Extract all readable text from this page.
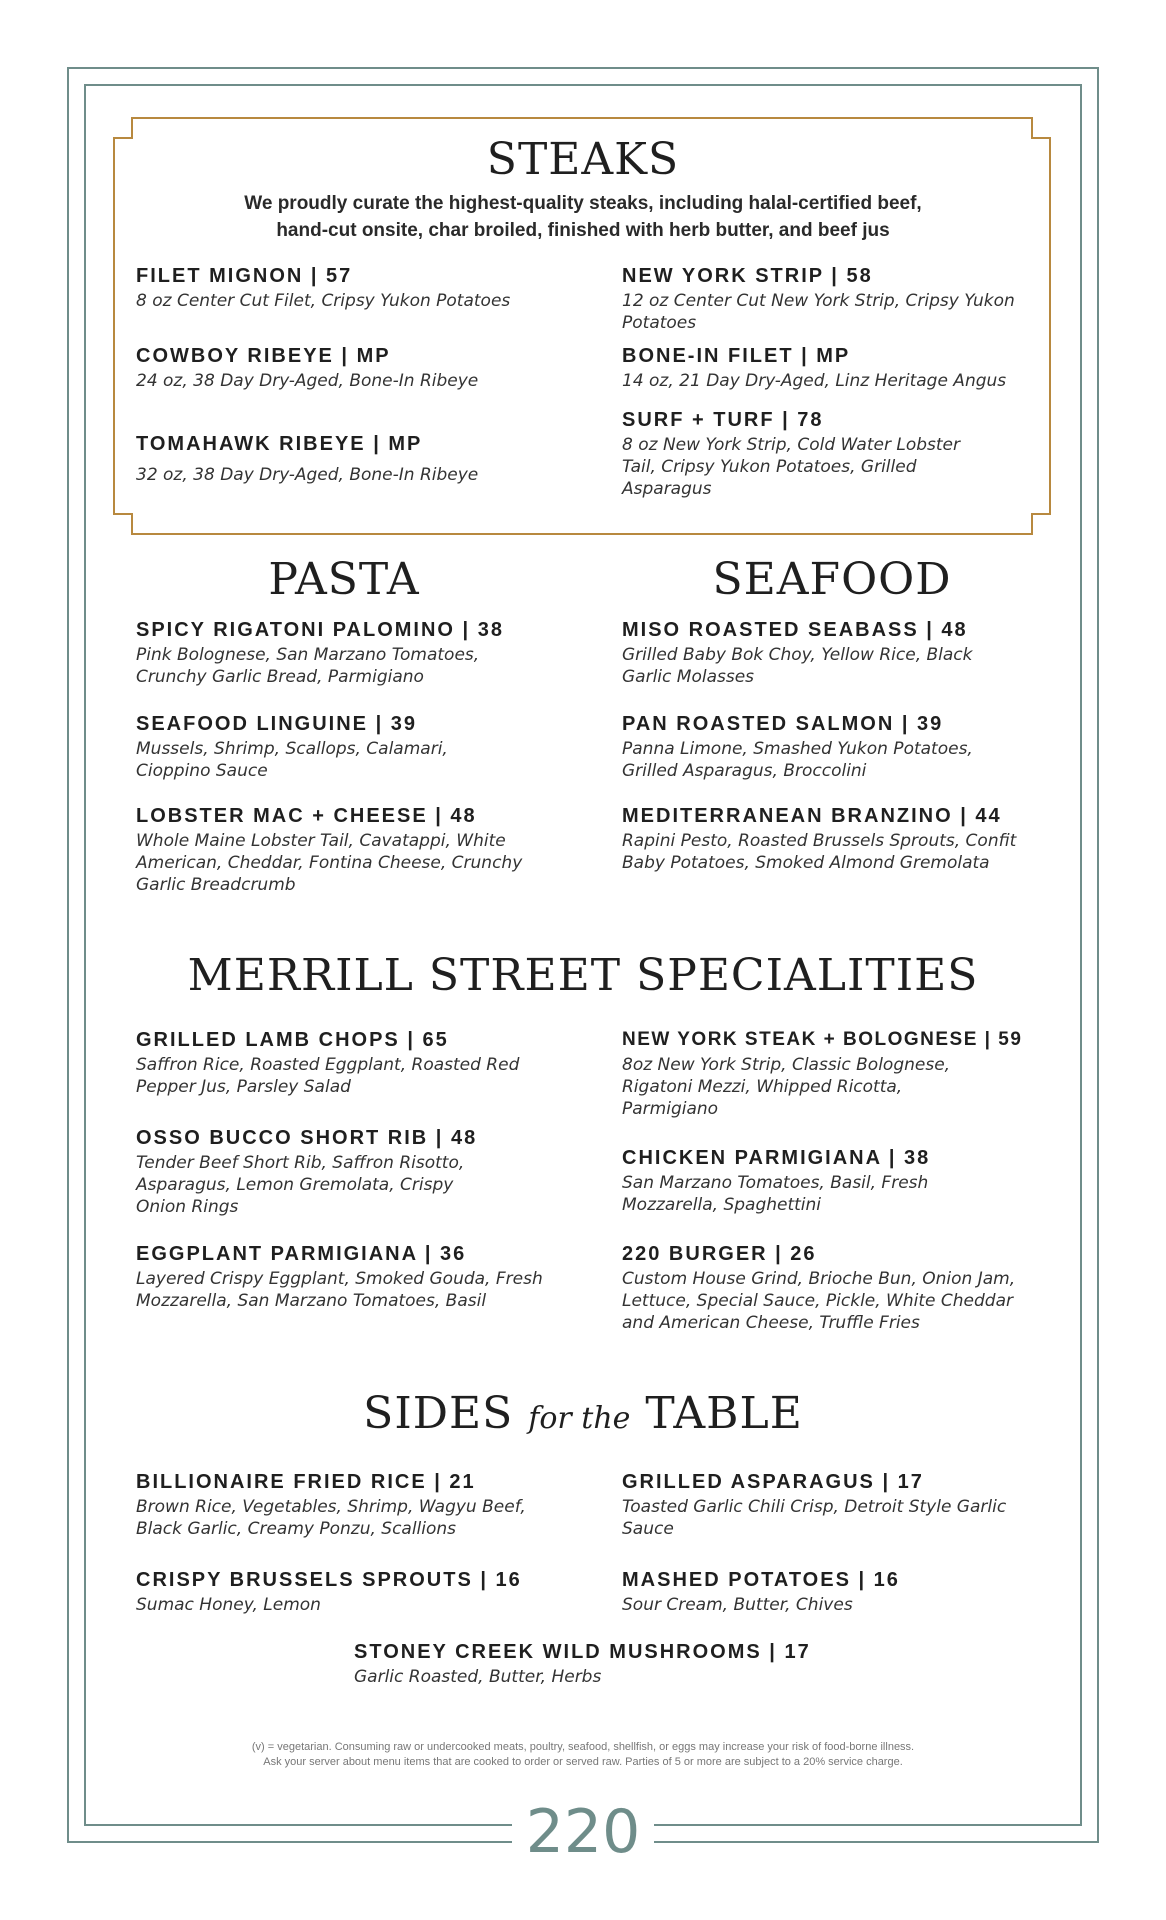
STEAKS
We proudly curate the highest-quality steaks, including halal-certified beef,
hand-cut onsite, char broiled, finished with herb butter, and beef jus
FILET MIGNON | 57
8 oz Center Cut Filet, Cripsy Yukon Potatoes
COWBOY RIBEYE | MP
24 oz, 38 Day Dry-Aged, Bone-In Ribeye
TOMAHAWK RIBEYE | MP
32 oz, 38 Day Dry-Aged, Bone-In Ribeye
NEW YORK STRIP | 58
12 oz Center Cut New York Strip, Cripsy Yukon Potatoes
BONE-IN FILET | MP
14 oz, 21 Day Dry-Aged, Linz Heritage Angus
SURF + TURF | 78
8 oz New York Strip, Cold Water Lobster Tail, Cripsy Yukon Potatoes, Grilled Asparagus
PASTA	SEAFOOD
SPICY RIGATONI PALOMINO | 38
Pink Bolognese, San Marzano Tomatoes, Crunchy Garlic Bread, Parmigiano
SEAFOOD LINGUINE | 39
Mussels, Shrimp, Scallops, Calamari, Cioppino Sauce
LOBSTER MAC + CHEESE | 48
Whole Maine Lobster Tail, Cavatappi, White American, Cheddar, Fontina Cheese, Crunchy Garlic Breadcrumb
MISO ROASTED SEABASS | 48
Grilled Baby Bok Choy, Yellow Rice, Black Garlic Molasses
PAN ROASTED SALMON | 39
Panna Limone, Smashed Yukon Potatoes, Grilled Asparagus, Broccolini
MEDITERRANEAN BRANZINO | 44
Rapini Pesto, Roasted Brussels Sprouts, Confit Baby Potatoes, Smoked Almond Gremolata
MERRILL STREET SPECIALITIES
GRILLED LAMB CHOPS | 65
Saffron Rice, Roasted Eggplant, Roasted Red Pepper Jus, Parsley Salad
OSSO BUCCO SHORT RIB | 48
Tender Beef Short Rib, Saffron Risotto, Asparagus, Lemon Gremolata, Crispy Onion Rings
EGGPLANT PARMIGIANA | 36
Layered Crispy Eggplant, Smoked Gouda, Fresh Mozzarella, San Marzano Tomatoes, Basil
NEW YORK STEAK + BOLOGNESE | 59
8oz New York Strip, Classic Bolognese, Rigatoni Mezzi, Whipped Ricotta, Parmigiano
CHICKEN PARMIGIANA | 38
San Marzano Tomatoes, Basil, Fresh Mozzarella, Spaghettini
220 BURGER | 26
Custom House Grind, Brioche Bun, Onion Jam, Lettuce, Special Sauce, Pickle, White Cheddar and American Cheese, Truffle Fries
SIDES for the TABLE
BILLIONAIRE FRIED RICE | 21
Brown Rice, Vegetables, Shrimp, Wagyu Beef, Black Garlic, Creamy Ponzu, Scallions
CRISPY BRUSSELS SPROUTS | 16
Sumac Honey, Lemon
GRILLED ASPARAGUS | 17
Toasted Garlic Chili Crisp, Detroit Style Garlic Sauce
MASHED POTATOES | 16
Sour Cream, Butter, Chives
STONEY CREEK WILD MUSHROOMS | 17
Garlic Roasted, Butter, Herbs
(v) = vegetarian. Consuming raw or undercooked meats, poultry, seafood, shellfish, or eggs may increase your risk of food-borne illness.
Ask your server about menu items that are cooked to order or served raw. Parties of 5 or more are subject to a 20% service charge.
220
